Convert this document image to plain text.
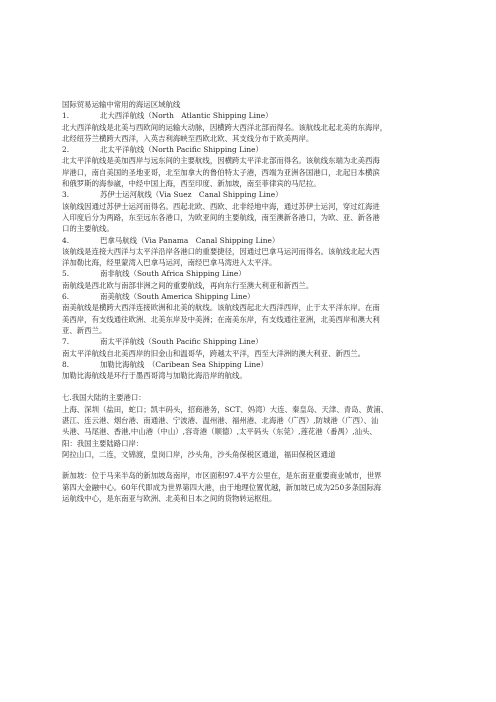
国际贸易运输中常用的海运区域航线
1.	北大西洋航线（North　Atlantic Shipping Line）
北大西洋航线是北美与西欧间的运输大动脉，因横跨大西洋北部而得名。该航线北起北美的东海岸，
北经纽芬兰横跨大西洋，入英吉利海峡至西欧北欧、其支线分布于欧美两岸。
2.	北太平洋航线（North Pacific Shipping Line）
北太平洋航线是美加西岸与远东间的主要航线，因横跨太平洋北部而得名。该航线东端为北美西海
岸港口，南自美国的圣地亚哥，北至加拿大的鲁伯特太子港，西端为亚洲各国港口，北起日本横滨
和俄罗斯的海参崴，中经中国上海，西至印度、新加坡，南至菲律宾的马尼拉。
3.	苏伊士运河航线（Via Suez　Canal Shipping Line）
该航线因通过苏伊士运河而得名。西起北欧、西欧、北非经地中海，通过苏伊士运河，穿过红海进
入印度后分为两路，东至远东各港口，为欧亚间的主要航线，南至澳新各港口，为欧、亚、新各港
口的主要航线。
4.	巴拿马航线（Via Panama　Canal Shipping Line）
该航线是连接大西洋与太平洋沿岸各港口的重要捷径，因通过巴拿马运河而得名。该航线北起大西
洋加勒比海，经里蒙湾入巴拿马运河，南经巴拿马湾进入太平洋。
5.	南非航线（South Africa Shipping Line）
南航线是西北欧与南部非洲之间的重要航线，再向东行至澳大利亚和新西兰。
6.	南美航线（South America Shipping Line）
南美航线是横跨大西洋连接欧洲和北美的航线。该航线西起北大西洋西岸，止于太平洋东岸。在南
美西岸，有支线通往欧洲、北美东岸及中美洲；在南美东岸，有支线通往亚洲，北美西岸和澳大利
亚、新西兰。
7.	南太平洋航线（South Pacific Shipping Line）
南太平洋航线自北美西岸的旧金山和温哥华，跨越太平洋，西至大洋洲的澳大利亚、新西兰。
8.	加勒比海航线　（Caribean Sea Shipping Line）
加勒比海航线是环行于墨西哥湾与加勒比海沿岸的航线。
七.我国大陆的主要港口：
上海、深圳（盐田，蛇口；凯丰码头，招商港务，SCT、妈湾）大连、秦皇岛、天津、青岛、黄浦、
湛江、连云港、烟台港、南通港、宁波港、温州港、福州港、北海港（广西）,防城港（广西）、汕
头港、马尾港、香港,中山港（中山）,容奇港（顺德）,太平码头（东莞）,莲花港（番禺）,汕头、
阳：我国主要陆路口岸：
阿拉山口，二连，文锦渡，皇岗口岸，沙头角，沙头角保税区通道，福田保税区通道
新加坡：位于马来半岛的新加坡岛南岸，市区面积97.4平方公里在，是东南亚重要商业城市，世界
第四大金融中心。60年代即成为世界第四大港，由于地理位置优越，新加坡已成为250多条国际海
运航线中心，是东南亚与欧洲、北美和日本之间的货物转运枢纽。
